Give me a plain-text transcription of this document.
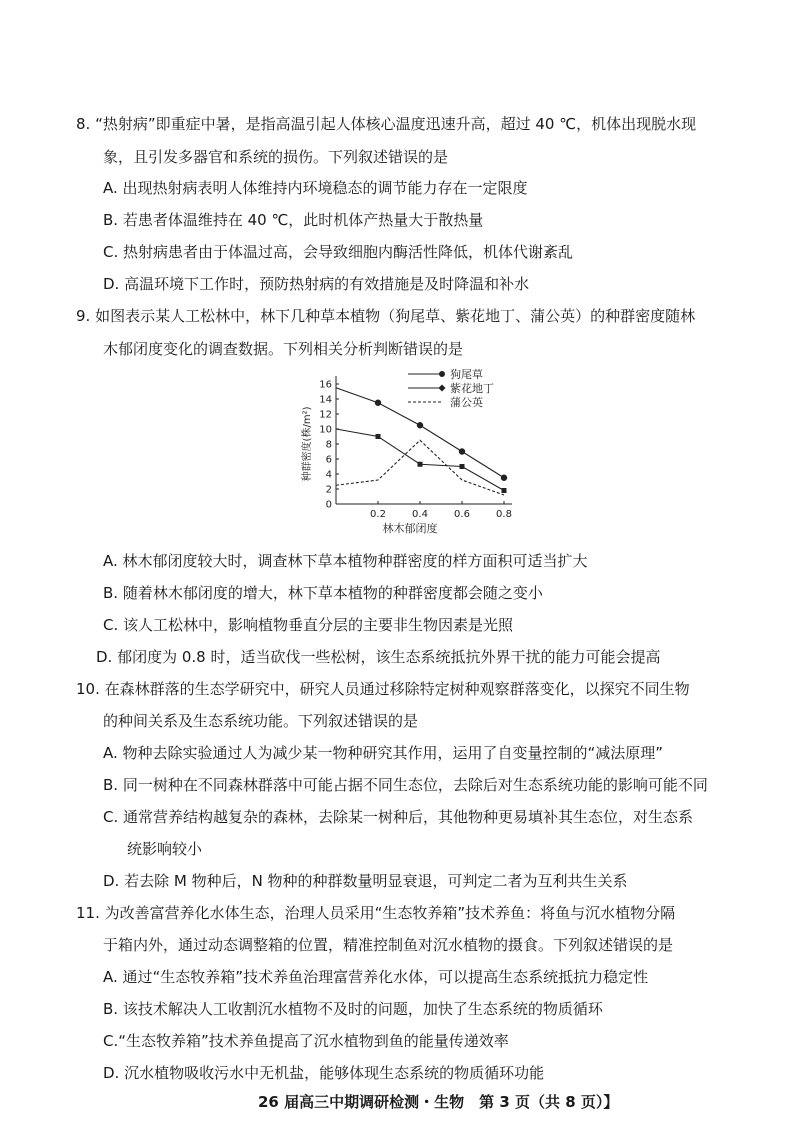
8. “热射病”即重症中暑，是指高温引起人体核心温度迅速升高，超过 40 ℃，机体出现脱水现
象，且引发多器官和系统的损伤。下列叙述错误的是
A. 出现热射病表明人体维持内环境稳态的调节能力存在一定限度
B. 若患者体温维持在 40 ℃，此时机体产热量大于散热量
C. 热射病患者由于体温过高，会导致细胞内酶活性降低，机体代谢紊乱
D. 高温环境下工作时，预防热射病的有效措施是及时降温和补水
9. 如图表示某人工松林中，林下几种草本植物（狗尾草、紫花地丁、蒲公英）的种群密度随林
木郁闭度变化的调查数据。下列相关分析判断错误的是
0
2
4
6
8
10
12
14
16
0.2	0.4	0.6	0.8
林木郁闭度
种群密度(株/m²)
狗尾草
紫花地丁
蒲公英
A. 林木郁闭度较大时，调查林下草本植物种群密度的样方面积可适当扩大
B. 随着林木郁闭度的增大，林下草本植物的种群密度都会随之变小
C. 该人工松林中，影响植物垂直分层的主要非生物因素是光照
D. 郁闭度为 0.8 时，适当砍伐一些松树，该生态系统抵抗外界干扰的能力可能会提高
10. 在森林群落的生态学研究中，研究人员通过移除特定树种观察群落变化，以探究不同生物
的种间关系及生态系统功能。下列叙述错误的是
A. 物种去除实验通过人为减少某一物种研究其作用，运用了自变量控制的“减法原理”
B. 同一树种在不同森林群落中可能占据不同生态位，去除后对生态系统功能的影响可能不同
C. 通常营养结构越复杂的森林，去除某一树种后，其他物种更易填补其生态位，对生态系
统影响较小
D. 若去除 M 物种后，N 物种的种群数量明显衰退，可判定二者为互利共生关系
11. 为改善富营养化水体生态，治理人员采用“生态牧养箱”技术养鱼：将鱼与沉水植物分隔
于箱内外，通过动态调整箱的位置，精准控制鱼对沉水植物的摄食。下列叙述错误的是
A. 通过“生态牧养箱”技术养鱼治理富营养化水体，可以提高生态系统抵抗力稳定性
B. 该技术解决人工收割沉水植物不及时的问题，加快了生态系统的物质循环
C.“生态牧养箱”技术养鱼提高了沉水植物到鱼的能量传递效率
D. 沉水植物吸收污水中无机盐，能够体现生态系统的物质循环功能
26 届高三中期调研检测・生物　第 3 页（共 8 页）】
